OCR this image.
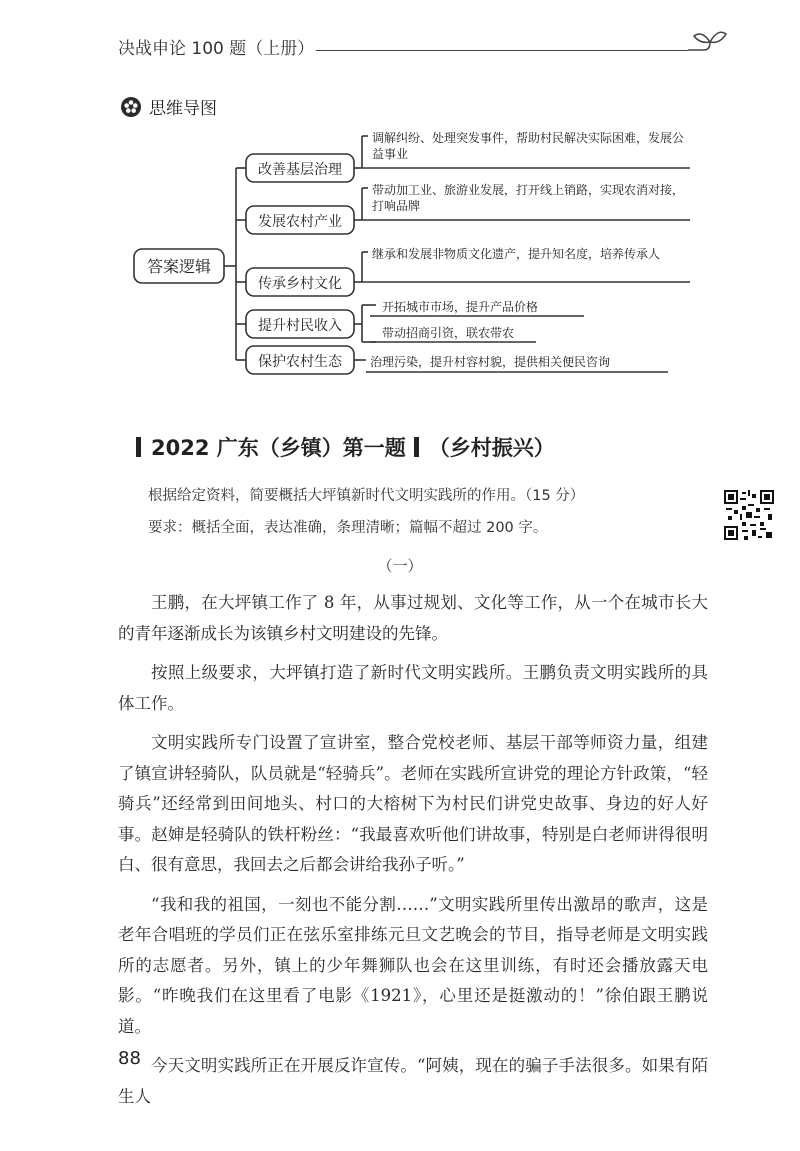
决战申论 100 题（上册）
思维导图
答案逻辑
改善基层治理
发展农村产业
传承乡村文化
提升村民收入
保护农村生态
调解纠纷、处理突发事件，帮助村民解决实际困难，发展公益事业
带动加工业、旅游业发展，打开线上销路，实现农消对接，打响品牌
继承和发展非物质文化遗产，提升知名度，培养传承人
开拓城市市场，提升产品价格
带动招商引资，联农带农
治理污染，提升村容村貌，提供相关便民咨询
2022 广东（乡镇）第一题 （乡村振兴）
根据给定资料，简要概括大坪镇新时代文明实践所的作用。（15 分）
要求：概括全面，表达准确，条理清晰；篇幅不超过 200 字。
（一）

王鹏，在大坪镇工作了 8 年，从事过规划、文化等工作，从一个在城市长大的青年逐渐成长为该镇乡村文明建设的先锋。

按照上级要求，大坪镇打造了新时代文明实践所。王鹏负责文明实践所的具体工作。

文明实践所专门设置了宣讲室，整合党校老师、基层干部等师资力量，组建了镇宣讲轻骑队，队员就是“轻骑兵”。老师在实践所宣讲党的理论方针政策，“轻骑兵”还经常到田间地头、村口的大榕树下为村民们讲党史故事、身边的好人好事。赵婶是轻骑队的铁杆粉丝：“我最喜欢听他们讲故事，特别是白老师讲得很明白、很有意思，我回去之后都会讲给我孙子听。”

“我和我的祖国，一刻也不能分割……”文明实践所里传出激昂的歌声，这是老年合唱班的学员们正在弦乐室排练元旦文艺晚会的节目，指导老师是文明实践所的志愿者。另外，镇上的少年舞狮队也会在这里训练，有时还会播放露天电影。“昨晚我们在这里看了电影《1921》，心里还是挺激动的！”徐伯跟王鹏说道。

今天文明实践所正在开展反诈宣传。“阿姨，现在的骗子手法很多。如果有陌生人

88
